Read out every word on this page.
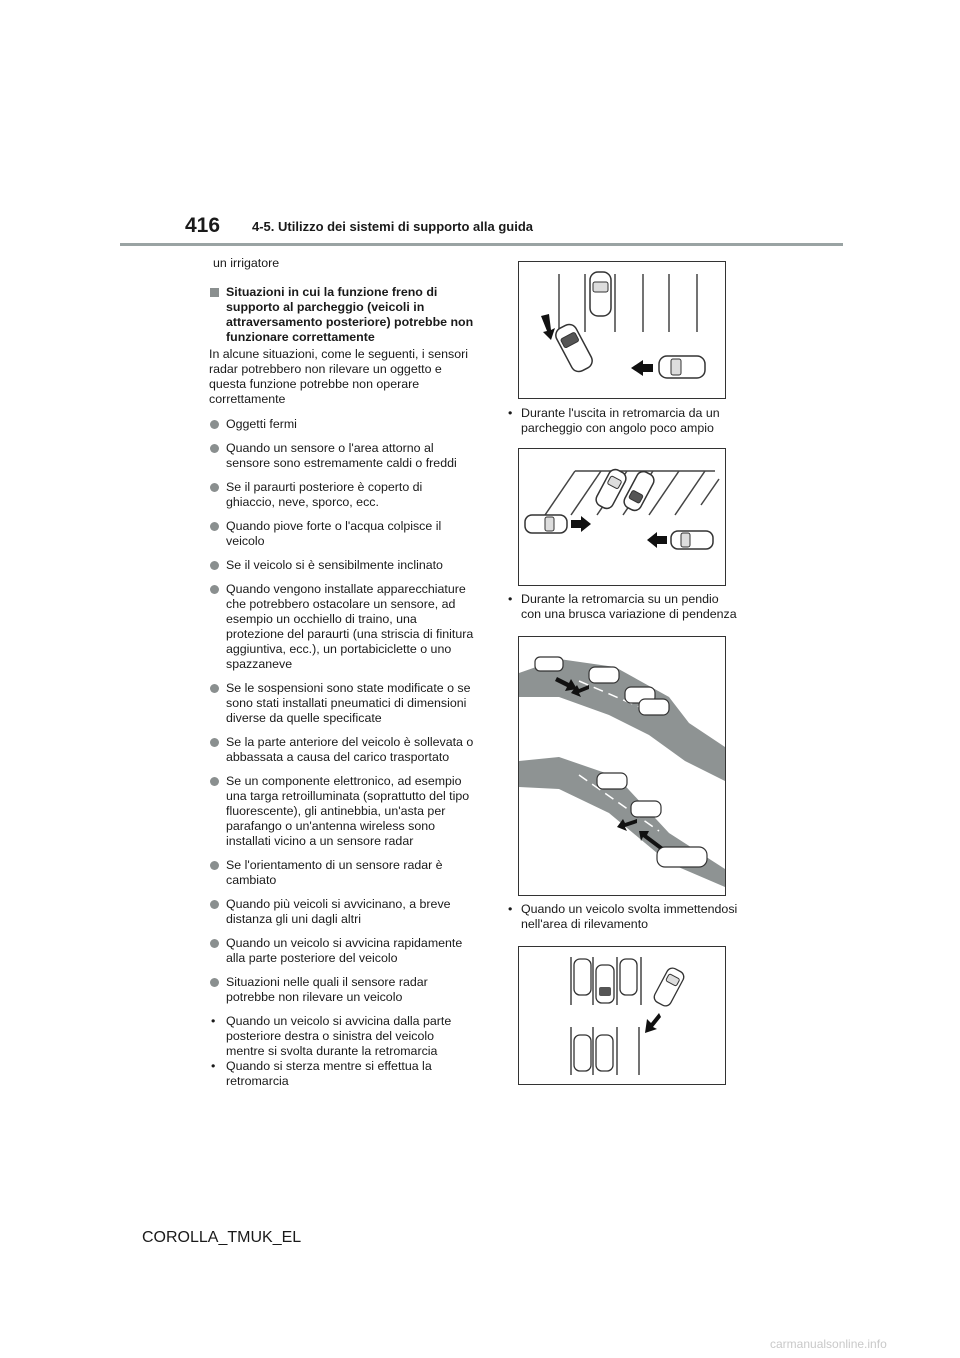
416 4-5. Utilizzo dei sistemi di supporto alla guida

un irrigatore

Situazioni in cui la funzione freno di supporto al parcheggio (veicoli in attraversamento posteriore) potrebbe non funzionare correttamente

In alcune situazioni, come le seguenti, i sensori radar potrebbero non rilevare un oggetto e questa funzione potrebbe non operare correttamente

Oggetti fermi

Quando un sensore o l'area attorno al sensore sono estremamente caldi o freddi

Se il paraurti posteriore è coperto di ghiaccio, neve, sporco, ecc.

Quando piove forte o l'acqua colpisce il veicolo

Se il veicolo si è sensibilmente inclinato

Quando vengono installate apparecchiature che potrebbero ostacolare un sensore, ad esempio un occhiello di traino, una protezione del paraurti (una striscia di finitura aggiuntiva, ecc.), un portabiciclette o uno spazzaneve

Se le sospensioni sono state modificate o se sono stati installati pneumatici di dimensioni diverse da quelle specificate

Se la parte anteriore del veicolo è sollevata o abbassata a causa del carico trasportato

Se un componente elettronico, ad esempio una targa retroilluminata (soprattutto del tipo fluorescente), gli antinebbia, un'asta per parafango o un'antenna wireless sono installati vicino a un sensore radar

Se l'orientamento di un sensore radar è cambiato

Quando più veicoli si avvicinano, a breve distanza gli uni dagli altri

Quando un veicolo si avvicina rapidamente alla parte posteriore del veicolo

Situazioni nelle quali il sensore radar potrebbe non rilevare un veicolo

• Quando un veicolo si avvicina dalla parte posteriore destra o sinistra del veicolo mentre si svolta durante la retromarcia

• Quando si sterza mentre si effettua la retromarcia

• Durante l'uscita in retromarcia da un parcheggio con angolo poco ampio
• Durante la retromarcia su un pendio con una brusca variazione di pendenza
• Quando un veicolo svolta immettendosi nell'area di rilevamento
COROLLA_TMUK_EL
carmanualsonline.info
